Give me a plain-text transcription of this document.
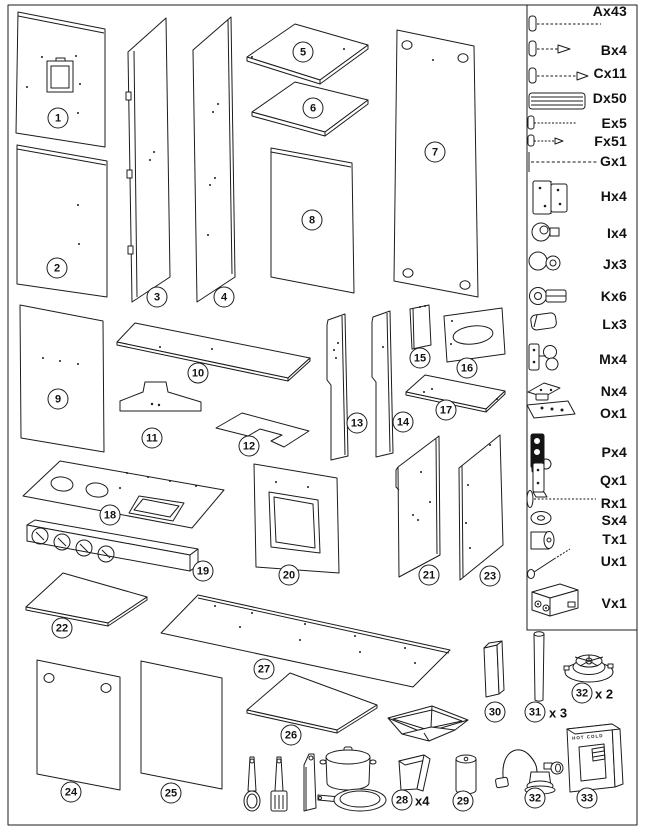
Ax43
Bx4
Cx11
Dx50
Ex5
Fx51
Gx1
Hx4
Ix4
Jx3
Kx6
Lx3
Mx4
Nx4
Ox1
Px4
Qx1
Rx1
Sx4
Tx1
Ux1
Vx1
1
2
3	4
5
6
7
8
9
10
11
12
13	14
15
16
17
18
19	20	21
22
23
24	25
26
27
28 x4	29
30	31 x 3
32 x 2
32	33
HOT COLD
